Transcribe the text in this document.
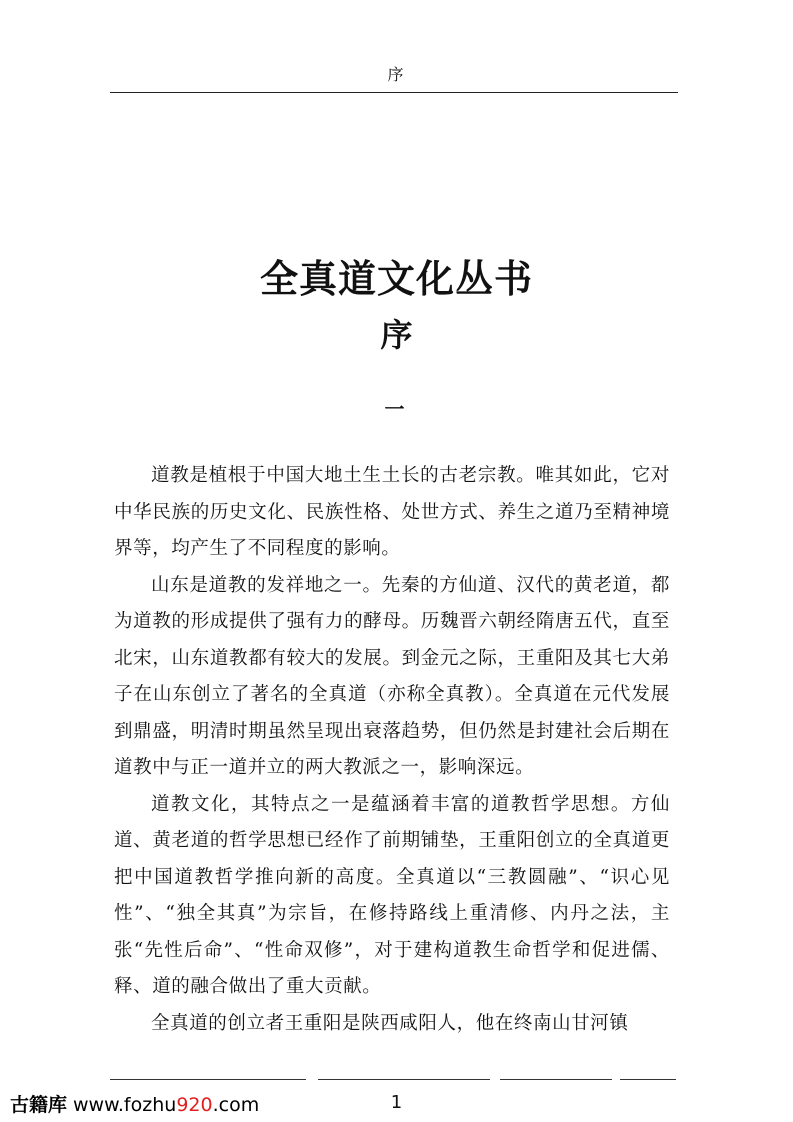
序
全真道文化丛书
序
一

道教是植根于中国大地土生土长的古老宗教。唯其如此，它对中华民族的历史文化、民族性格、处世方式、养生之道乃至精神境界等，均产生了不同程度的影响。

山东是道教的发祥地之一。先秦的方仙道、汉代的黄老道，都为道教的形成提供了强有力的酵母。历魏晋六朝经隋唐五代，直至北宋，山东道教都有较大的发展。到金元之际，王重阳及其七大弟子在山东创立了著名的全真道（亦称全真教）。全真道在元代发展到鼎盛，明清时期虽然呈现出衰落趋势，但仍然是封建社会后期在道教中与正一道并立的两大教派之一，影响深远。

道教文化，其特点之一是蕴涵着丰富的道教哲学思想。方仙道、黄老道的哲学思想已经作了前期铺垫，王重阳创立的全真道更把中国道教哲学推向新的高度。全真道以“三教圆融”、“识心见性”、“独全其真”为宗旨，在修持路线上重清修、内丹之法，主张“先性后命”、“性命双修”，对于建构道教生命哲学和促进儒、释、道的融合做出了重大贡献。

全真道的创立者王重阳是陕西咸阳人，他在终南山甘河镇

古籍库 www.fozhu920.com	1
